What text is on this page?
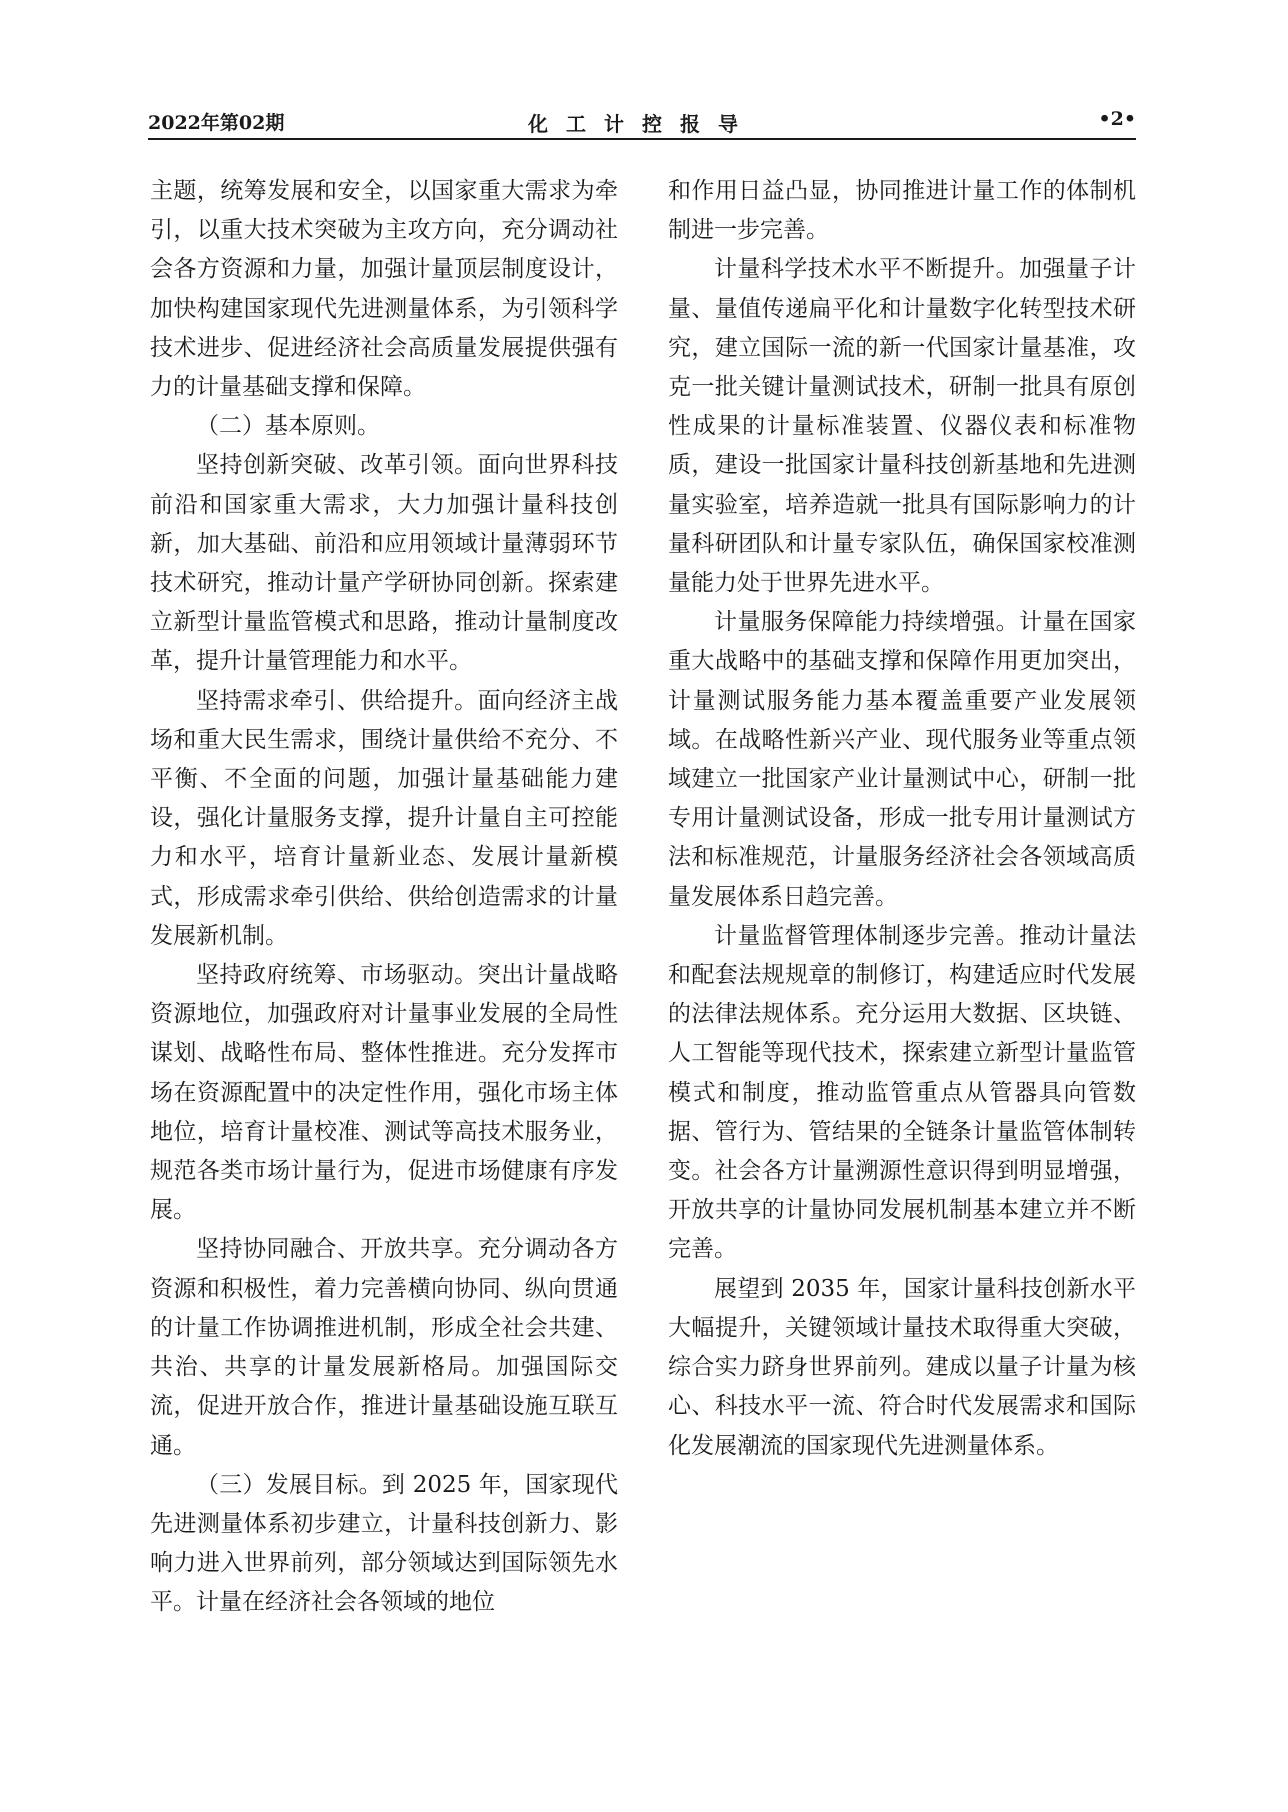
2022年第02期	化工计控报导	•2•

主题，统筹发展和安全，以国家重大需求为牵引，以重大技术突破为主攻方向，充分调动社会各方资源和力量，加强计量顶层制度设计，加快构建国家现代先进测量体系，为引领科学技术进步、促进经济社会高质量发展提供强有力的计量基础支撑和保障。

（二）基本原则。

坚持创新突破、改革引领。面向世界科技前沿和国家重大需求，大力加强计量科技创新，加大基础、前沿和应用领域计量薄弱环节技术研究，推动计量产学研协同创新。探索建立新型计量监管模式和思路，推动计量制度改革，提升计量管理能力和水平。

坚持需求牵引、供给提升。面向经济主战场和重大民生需求，围绕计量供给不充分、不平衡、不全面的问题，加强计量基础能力建设，强化计量服务支撑，提升计量自主可控能力和水平，培育计量新业态、发展计量新模式，形成需求牵引供给、供给创造需求的计量发展新机制。

坚持政府统筹、市场驱动。突出计量战略资源地位，加强政府对计量事业发展的全局性谋划、战略性布局、整体性推进。充分发挥市场在资源配置中的决定性作用，强化市场主体地位，培育计量校准、测试等高技术服务业，规范各类市场计量行为，促进市场健康有序发展。

坚持协同融合、开放共享。充分调动各方资源和积极性，着力完善横向协同、纵向贯通的计量工作协调推进机制，形成全社会共建、共治、共享的计量发展新格局。加强国际交流，促进开放合作，推进计量基础设施互联互通。

（三）发展目标。到 2025 年，国家现代先进测量体系初步建立，计量科技创新力、影响力进入世界前列，部分领域达到国际领先水平。计量在经济社会各领域的地位

和作用日益凸显，协同推进计量工作的体制机制进一步完善。

计量科学技术水平不断提升。加强量子计量、量值传递扁平化和计量数字化转型技术研究，建立国际一流的新一代国家计量基准，攻克一批关键计量测试技术，研制一批具有原创性成果的计量标准装置、仪器仪表和标准物质，建设一批国家计量科技创新基地和先进测量实验室，培养造就一批具有国际影响力的计量科研团队和计量专家队伍，确保国家校准测量能力处于世界先进水平。

计量服务保障能力持续增强。计量在国家重大战略中的基础支撑和保障作用更加突出，计量测试服务能力基本覆盖重要产业发展领域。在战略性新兴产业、现代服务业等重点领域建立一批国家产业计量测试中心，研制一批专用计量测试设备，形成一批专用计量测试方法和标准规范，计量服务经济社会各领域高质量发展体系日趋完善。

计量监督管理体制逐步完善。推动计量法和配套法规规章的制修订，构建适应时代发展的法律法规体系。充分运用大数据、区块链、人工智能等现代技术，探索建立新型计量监管模式和制度，推动监管重点从管器具向管数据、管行为、管结果的全链条计量监管体制转变。社会各方计量溯源性意识得到明显增强，开放共享的计量协同发展机制基本建立并不断完善。

展望到 2035 年，国家计量科技创新水平大幅提升，关键领域计量技术取得重大突破，综合实力跻身世界前列。建成以量子计量为核心、科技水平一流、符合时代发展需求和国际化发展潮流的国家现代先进测量体系。
